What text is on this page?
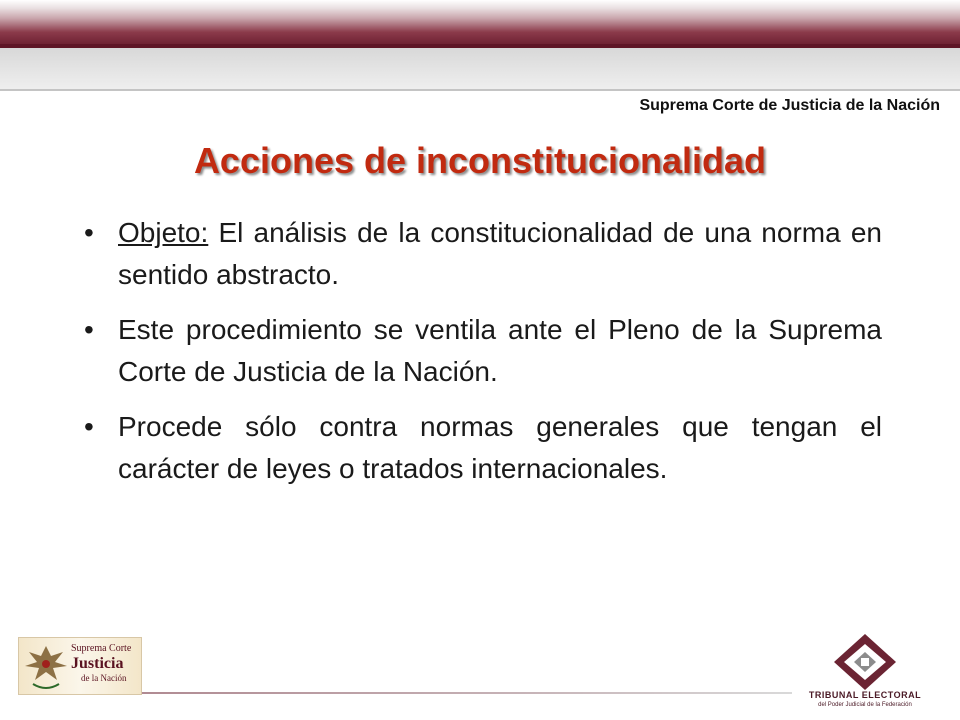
Suprema Corte de Justicia de la Nación
Acciones de inconstitucionalidad
• Objeto: El análisis de la constitucionalidad de una norma en sentido abstracto.
• Este procedimiento se ventila ante el Pleno de la Suprema Corte de Justicia de la Nación.
• Procede sólo contra normas generales que tengan el carácter de leyes o tratados internacionales.
Suprema Corte
Justicia
de la Nación
TRIBUNAL ELECTORAL
del Poder Judicial de la Federación
